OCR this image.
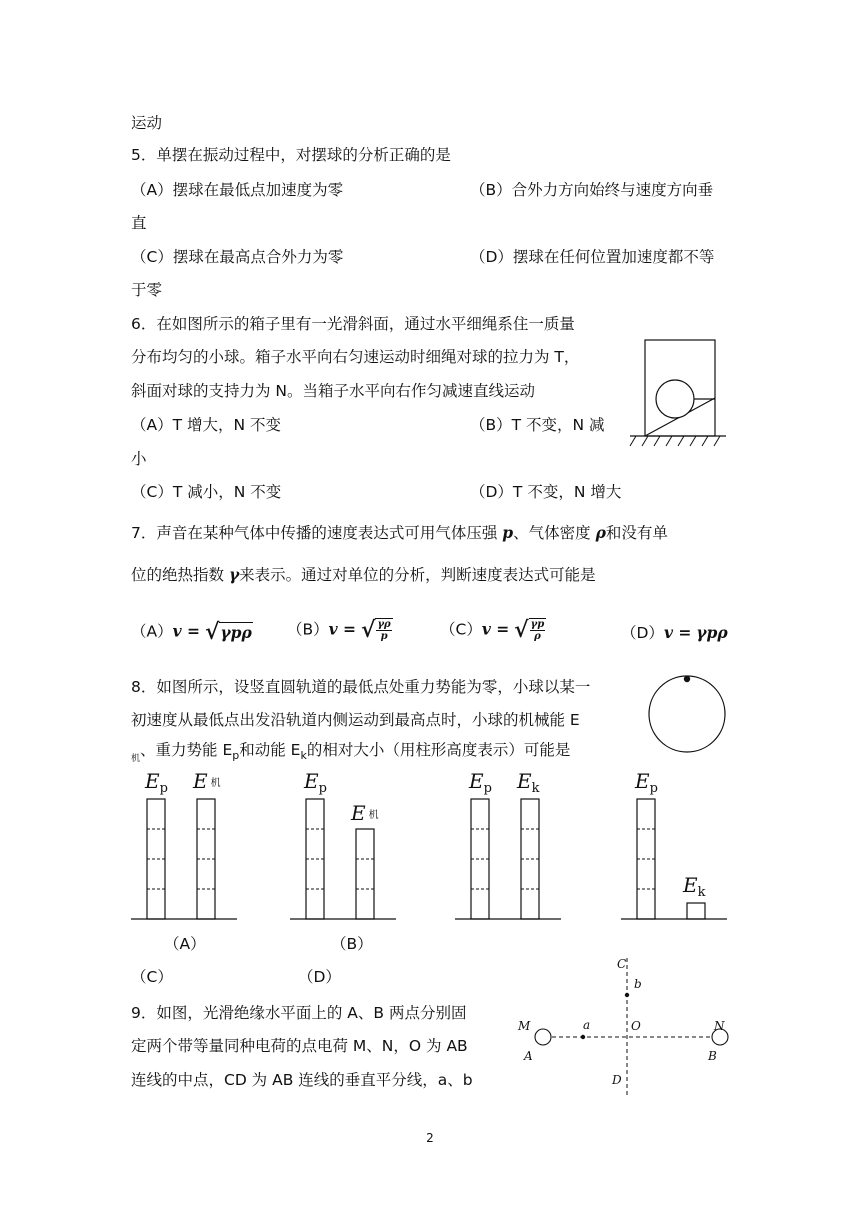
运动
5．单摆在振动过程中，对摆球的分析正确的是
（A）摆球在最低点加速度为零	（B）合外力方向始终与速度方向垂
直
（C）摆球在最高点合外力为零	（D）摆球在任何位置加速度都不等
于零
6．在如图所示的箱子里有一光滑斜面，通过水平细绳系住一质量
分布均匀的小球。箱子水平向右匀速运动时细绳对球的拉力为 T，
斜面对球的支持力为 N。当箱子水平向右作匀减速直线运动
（A）T 增大，N 不变	（B）T 不变，N 减
小
（C）T 减小，N 不变	（D）T 不变，N 增大
7．声音在某种气体中传播的速度表达式可用气体压强 p、气体密度 ρ和没有单
位的绝热指数 γ来表示。通过对单位的分析，判断速度表达式可能是
（A）v = √ γpρ （B）v = √ $\frac{\gamma\rho}{p}$	（C）v = √ $\frac{\gamma p}{\rho}$	（D）v = γpρ
8．如图所示，设竖直圆轨道的最低点处重力势能为零，小球以某一
初速度从最低点出发沿轨道内侧运动到最高点时，小球的机械能 E
$_机$、重力势能 $E_p$和动能 $E_k$的相对大小（用柱形高度表示）可能是
$E_p$ E机	$E_p$
E机
$E_p$ $E_k$	$E_p$
$E_k$
（A）	（B）
（C）	（D）
9．如图，光滑绝缘水平面上的 A、B 两点分别固
定两个带等量同种电荷的点电荷 M、N，O 为 AB
连线的中点，CD 为 AB 连线的垂直平分线，a、b
C
b
M	N
a	O
A	B
D
2
